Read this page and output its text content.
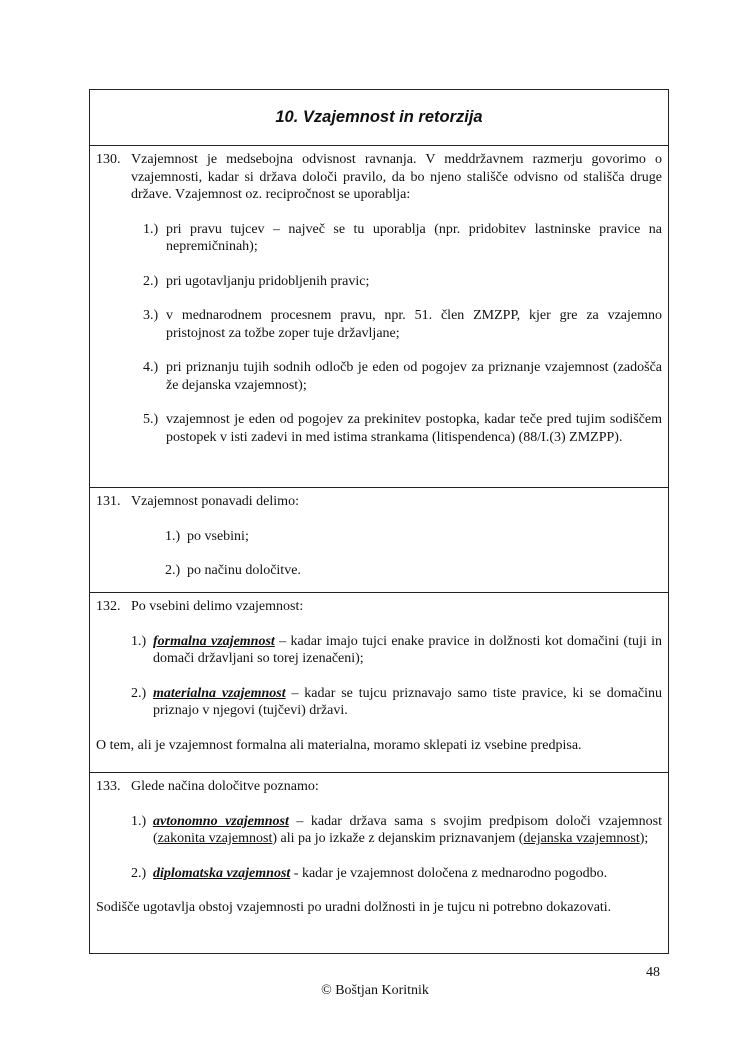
10. Vzajemnost in retorzija
130. Vzajemnost je medsebojna odvisnost ravnanja. V meddržavnem razmerju govorimo o vzajemnosti, kadar si država določi pravilo, da bo njeno stališče odvisno od stališča druge države. Vzajemnost oz. recipročnost se uporablja:
1.) pri pravu tujcev – največ se tu uporablja (npr. pridobitev lastninske pravice na nepremičninah);
2.) pri ugotavljanju pridobljenih pravic;
3.) v mednarodnem procesnem pravu, npr. 51. člen ZMZPP, kjer gre za vzajemno pristojnost za tožbe zoper tuje državljane;
4.) pri priznanju tujih sodnih odločb je eden od pogojev za priznanje vzajemnost (zadošča že dejanska vzajemnost);
5.) vzajemnost je eden od pogojev za prekinitev postopka, kadar teče pred tujim sodiščem postopek v isti zadevi in med istima strankama (litispendenca) (88/I.(3) ZMZPP).
131. Vzajemnost ponavadi delimo:
1.) po vsebini;
2.) po načinu določitve.
132. Po vsebini delimo vzajemnost:
1.) formalna vzajemnost – kadar imajo tujci enake pravice in dolžnosti kot domačini (tuji in domači državljani so torej izenačeni);
2.) materialna vzajemnost – kadar se tujcu priznavajo samo tiste pravice, ki se domačinu priznajo v njegovi (tujčevi) državi.
O tem, ali je vzajemnost formalna ali materialna, moramo sklepati iz vsebine predpisa.
133. Glede načina določitve poznamo:
1.) avtonomno vzajemnost – kadar država sama s svojim predpisom določi vzajemnost (zakonita vzajemnost) ali pa jo izkaže z dejanskim priznavanjem (dejanska vzajemnost);
2.) diplomatska vzajemnost - kadar je vzajemnost določena z mednarodno pogodbo.
Sodišče ugotavlja obstoj vzajemnosti po uradni dolžnosti in je tujcu ni potrebno dokazovati.
48
© Boštjan Koritnik
